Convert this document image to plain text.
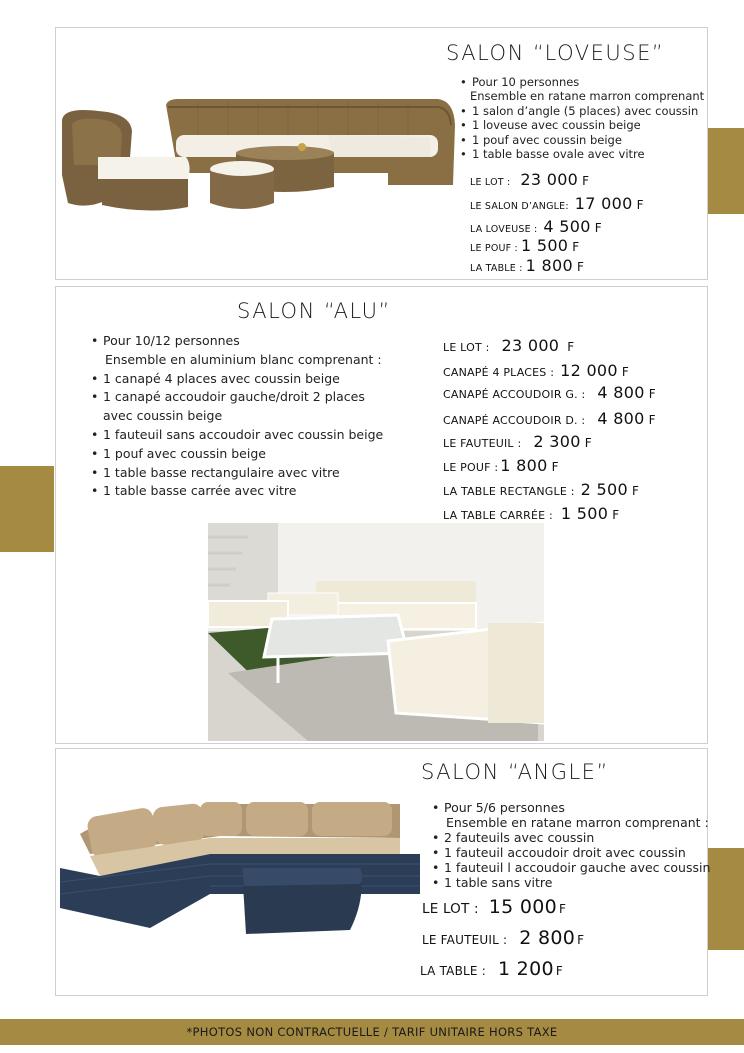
SALON “LOVEUSE”
• Pour 10 personnes
Ensemble en ratane marron comprenant
• 1 salon d’angle (5 places) avec coussin
• 1 loveuse avec coussin beige
• 1 pouf avec coussin beige
• 1 table basse ovale avec vitre
LE LOT : 23 000 F
LE SALON D’ANGLE: 17 000 F
LA LOVEUSE : 4 500 F
LE POUF : 1 500 F
LA TABLE : 1 800 F
SALON “ALU”
• Pour 10/12 personnes
Ensemble en aluminium blanc comprenant :
• 1 canapé 4 places avec coussin beige
• 1 canapé accoudoir gauche/droit 2 places
avec coussin beige
• 1 fauteuil sans accoudoir avec coussin beige
• 1 pouf avec coussin beige
• 1 table basse rectangulaire avec vitre
• 1 table basse carrée avec vitre
LE LOT : 23 000 F
CANAPÉ 4 PLACES : 12 000 F
CANAPÉ ACCOUDOIR G. : 4 800 F
CANAPÉ ACCOUDOIR D. : 4 800 F
LE FAUTEUIL : 2 300 F
LE POUF : 1 800 F
LA TABLE RECTANGLE : 2 500 F
LA TABLE CARRÉE : 1 500 F
SALON “ANGLE”
• Pour 5/6 personnes
Ensemble en ratane marron comprenant :
• 2 fauteuils avec coussin
• 1 fauteuil accoudoir droit avec coussin
• 1 fauteuil l accoudoir gauche avec coussin
• 1 table sans vitre
LE LOT : 15 000 F
LE FAUTEUIL : 2 800 F
LA TABLE : 1 200 F
*PHOTOS NON CONTRACTUELLE / TARIF UNITAIRE HORS TAXE
